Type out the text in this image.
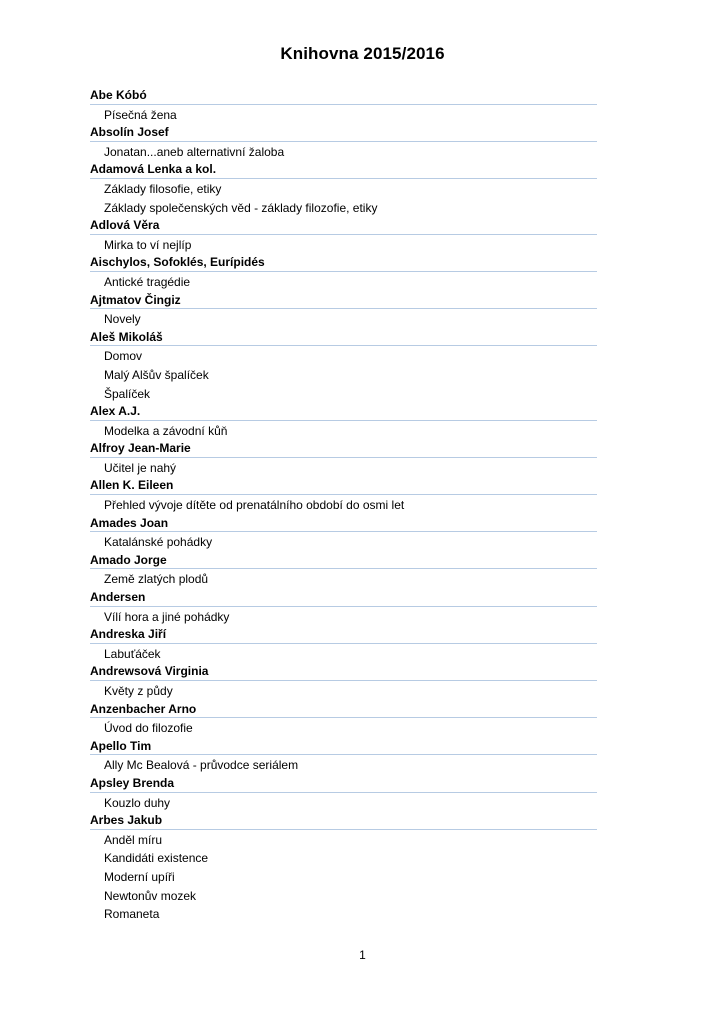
Knihovna 2015/2016
Abe Kóbó
Písečná žena
Absolín Josef
Jonatan...aneb alternativní žaloba
Adamová Lenka a kol.
Základy filosofie, etiky
Základy společenských věd - základy filozofie, etiky
Adlová Věra
Mirka to ví nejlíp
Aischylos, Sofoklés, Eurípidés
Antické tragédie
Ajtmatov Čingiz
Novely
Aleš Mikoláš
Domov
Malý Alšův špalíček
Špalíček
Alex A.J.
Modelka a závodní kůň
Alfroy Jean-Marie
Učitel je nahý
Allen K. Eileen
Přehled vývoje dítěte od prenatálního období do osmi let
Amades Joan
Katalánské pohádky
Amado Jorge
Země zlatých plodů
Andersen
Vílí hora a jiné pohádky
Andreska Jiří
Labuťáček
Andrewsová Virginia
Květy z půdy
Anzenbacher Arno
Úvod do filozofie
Apello Tim
Ally Mc Bealová - průvodce seriálem
Apsley Brenda
Kouzlo duhy
Arbes Jakub
Anděl míru
Kandidáti existence
Moderní upíři
Newtonův mozek
Romaneta
1
